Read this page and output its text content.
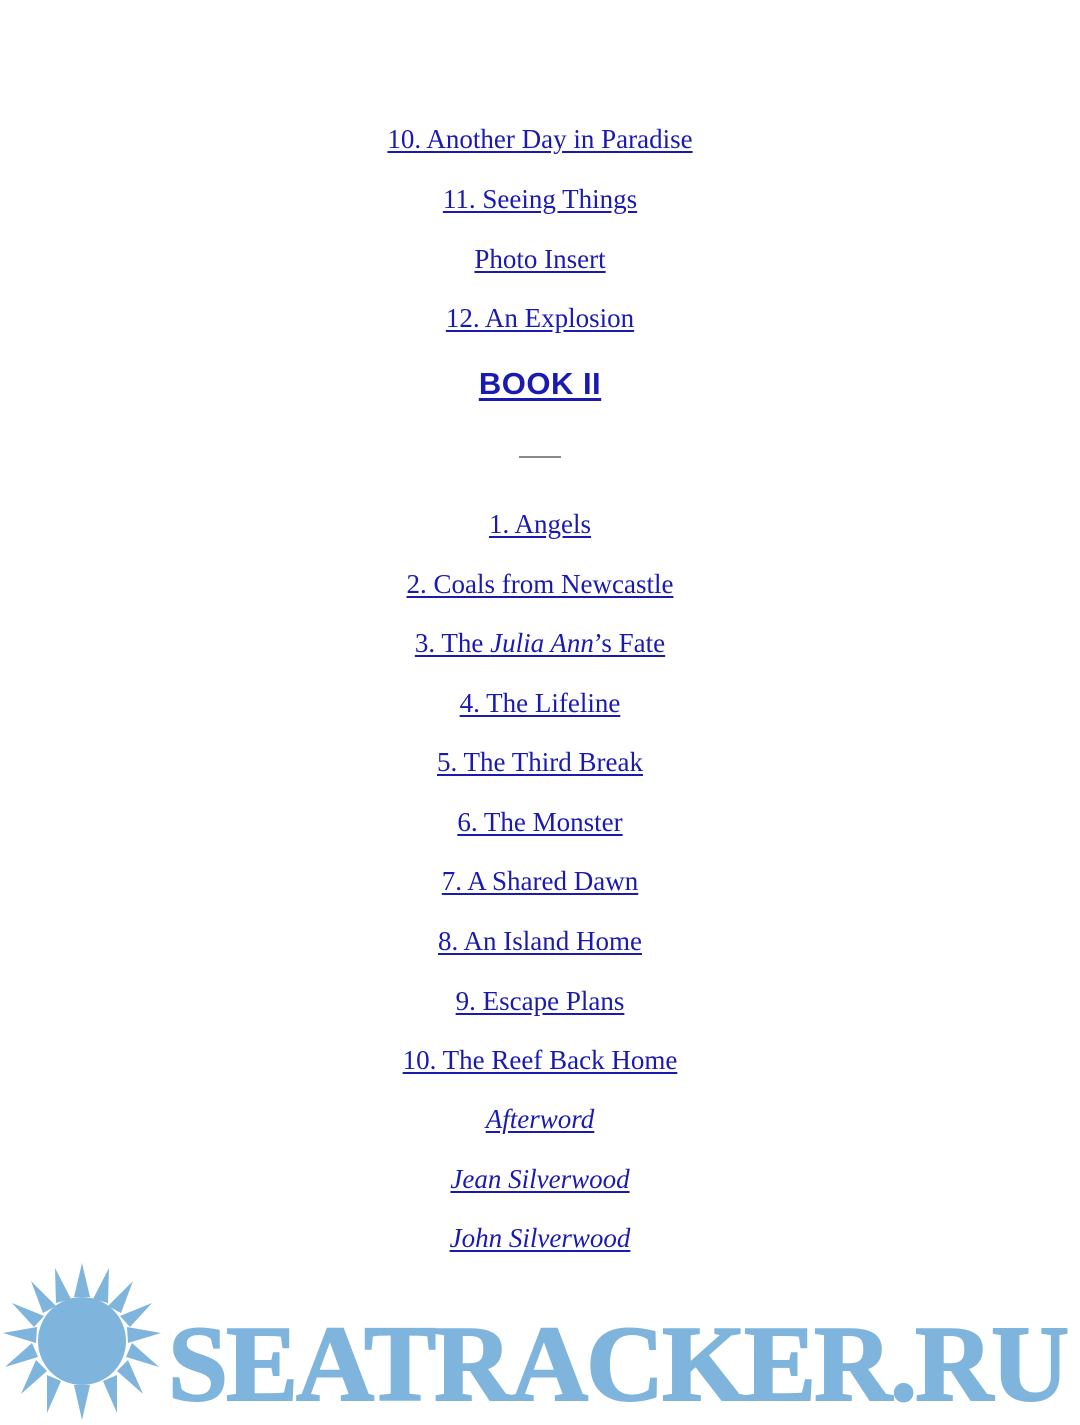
10. Another Day in Paradise
11. Seeing Things
Photo Insert
12. An Explosion
BOOK II
1. Angels
2. Coals from Newcastle
3. The Julia Ann’s Fate
4. The Lifeline
5. The Third Break
6. The Monster
7. A Shared Dawn
8. An Island Home
9. Escape Plans
10. The Reef Back Home
Afterword
Jean Silverwood
John Silverwood
SEATRACKER.RU
